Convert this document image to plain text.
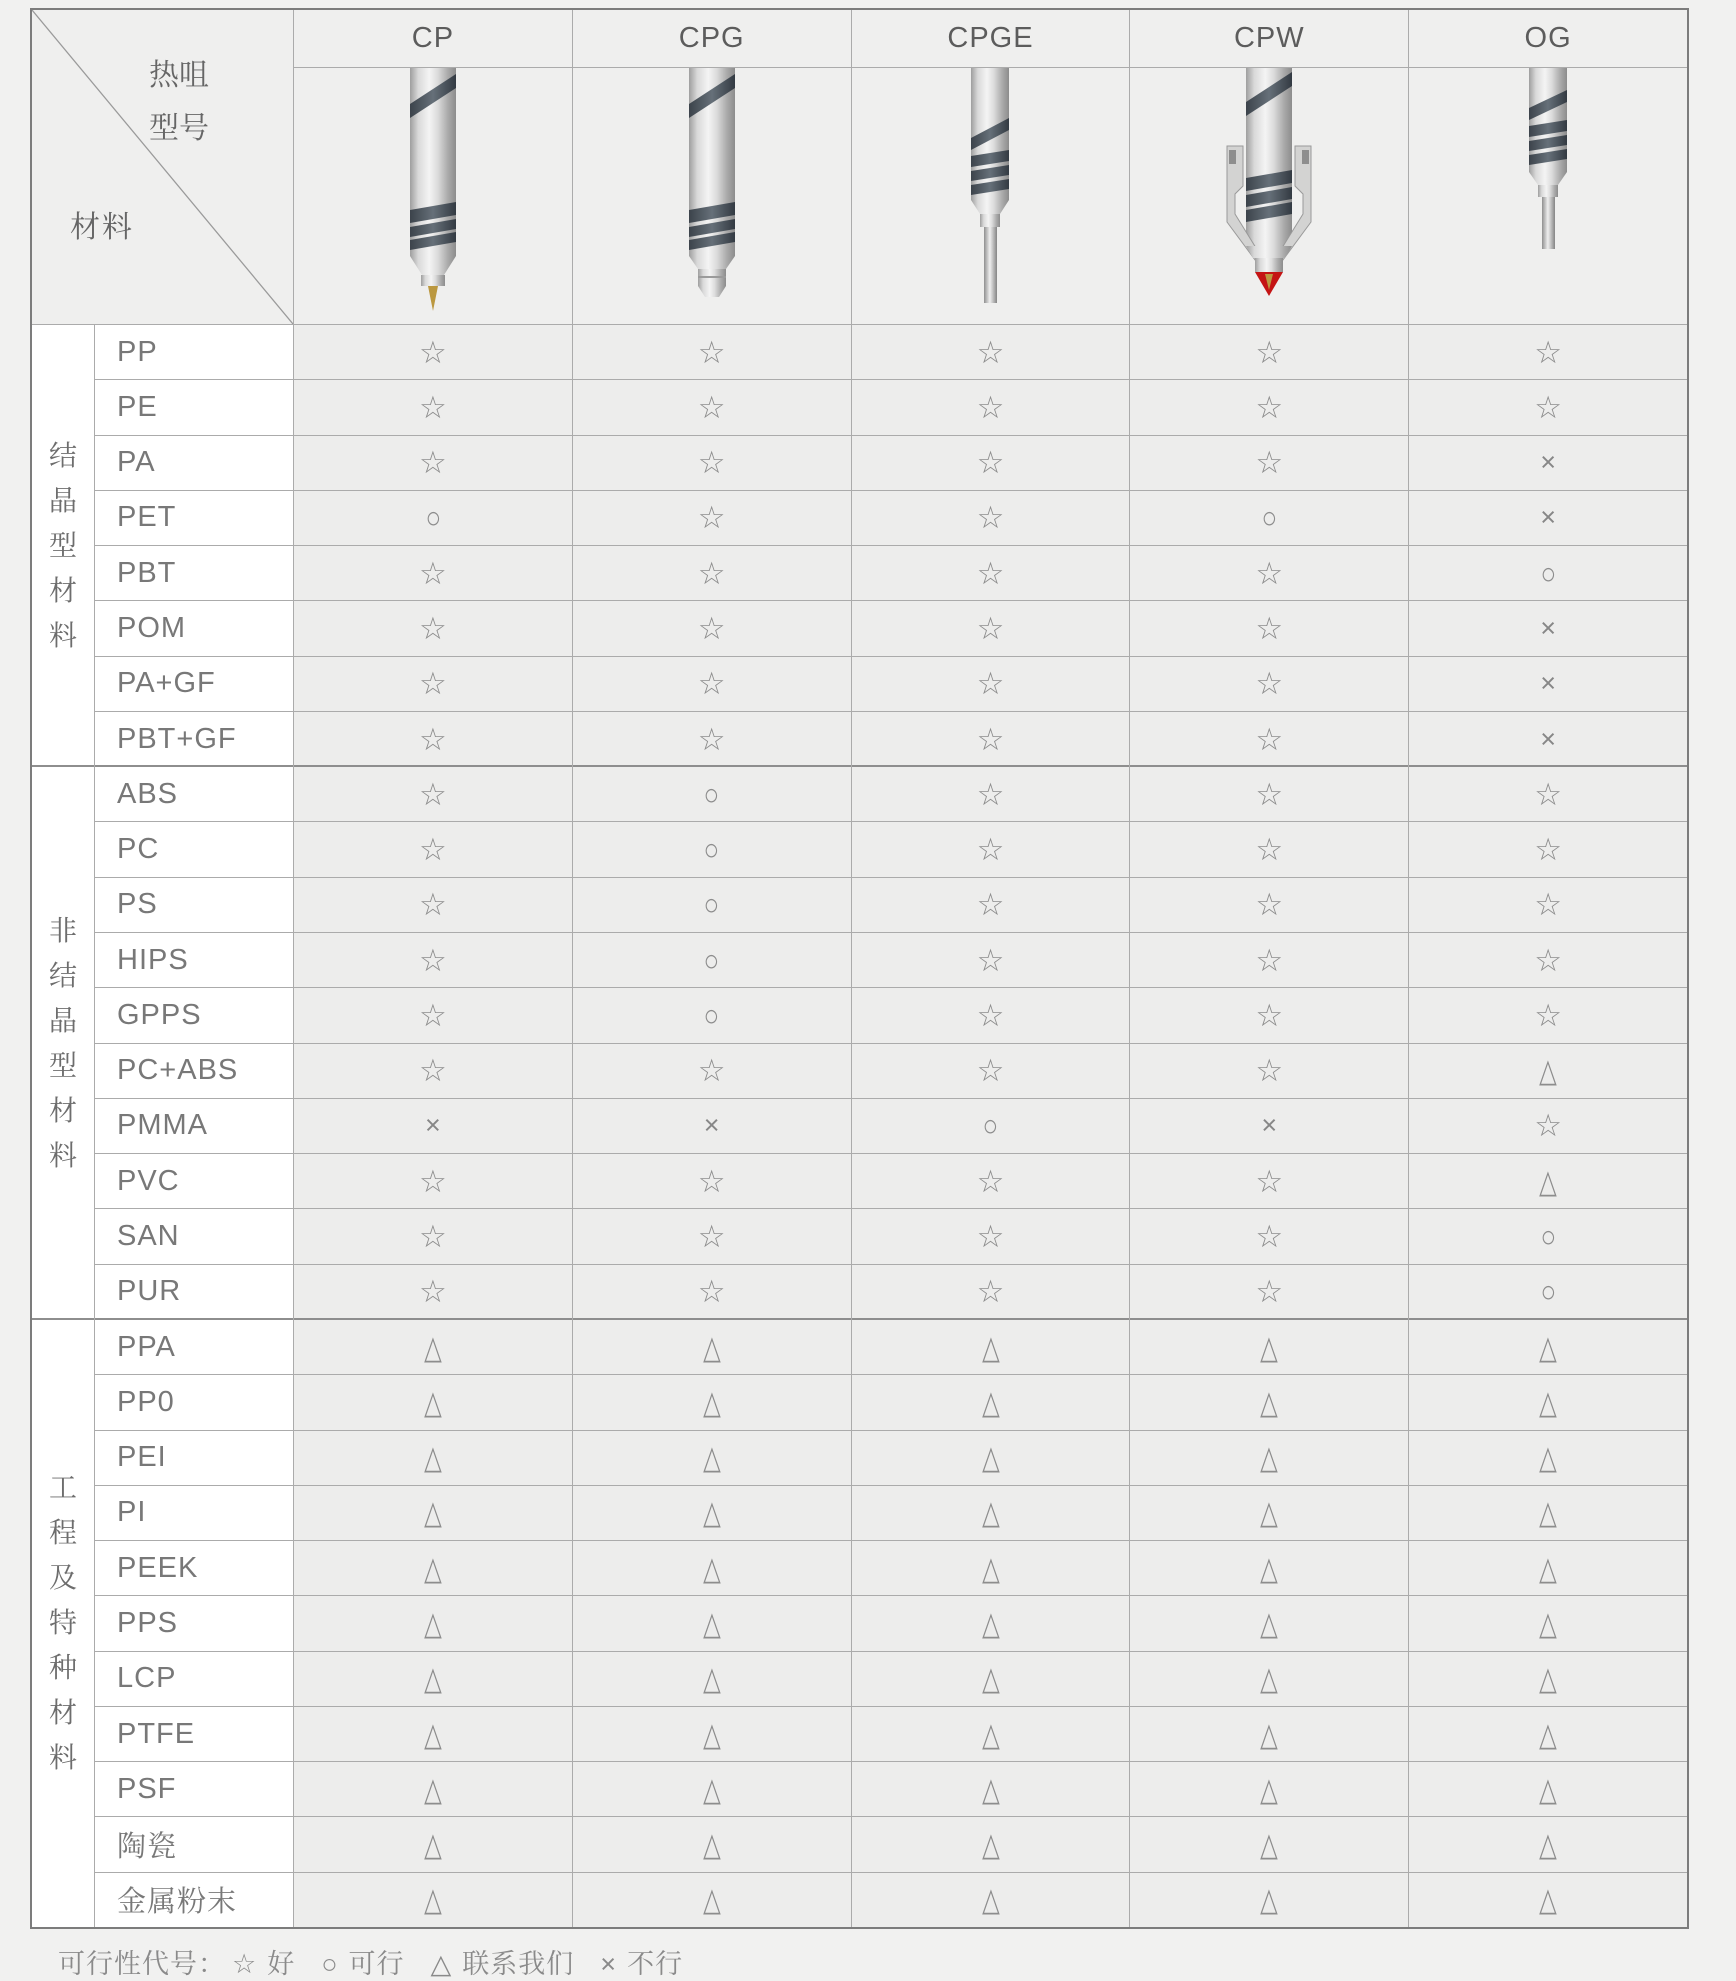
热咀型号
材料
CP	CPG	CPGE	CPW	OG
结
晶
型
材
料
PP	☆	☆	☆	☆	☆
PE	☆	☆	☆	☆	☆
PA	☆	☆	☆	☆	×
PET	○	☆	☆	○	×
PBT	☆	☆	☆	☆	○
POM	☆	☆	☆	☆	×
PA+GF	☆	☆	☆	☆	×
PBT+GF	☆	☆	☆	☆	×
非
结
晶
型
材
料
ABS	☆	○	☆	☆	☆
PC	☆	○	☆	☆	☆
PS	☆	○	☆	☆	☆
HIPS	☆	○	☆	☆	☆
GPPS	☆	○	☆	☆	☆
PC+ABS	☆	☆	☆	☆	△
PMMA	×	×	○	×	☆
PVC	☆	☆	☆	☆	△
SAN	☆	☆	☆	☆	○
PUR	☆	☆	☆	☆	○
工
程
及
特
种
材
料
PPA	△	△	△	△	△
PP0	△	△	△	△	△
PEI	△	△	△	△	△
PI	△	△	△	△	△
PEEK	△	△	△	△	△
PPS	△	△	△	△	△
LCP	△	△	△	△	△
PTFE	△	△	△	△	△
PSF	△	△	△	△	△
陶瓷	△	△	△	△	△
金属粉末	△	△	△	△	△
可行性代号： ☆ 好 ○ 可行 △ 联系我们 × 不行
